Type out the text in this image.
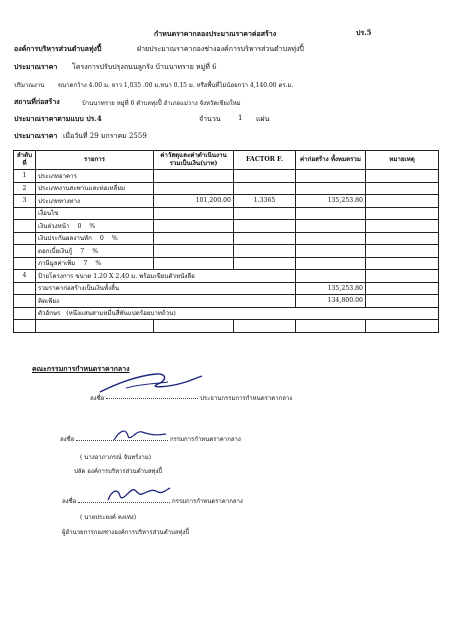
กำหนดราคากลองประมาณราคาค่อสร้าง	ปร.5
องค์การบริหารส่วนตำบลทุ่งปี้	ฝ่ายประมาณราคากองช่างองค์การบริหารส่วนตำบลทุ่งปี้
ประมาณราคา โครงการปรับปรุงถนนลูกรัง บ้านนาทราย หมู่ที่ 6
ปริมาณงาน ขนาดกว้าง 4.00 ม. ยาว 1,035 .00 ม.หนา 0.15 ม. หรือพื้นที่ไม่น้อยกว่า 4,140.00 ตร.ม.
สถานที่ก่อสร้าง	บ้านนาทราย หมู่ที่ 6 ตำบลทุ่งปี้ อำเภอแม่วาง จังหวัดเชียงใหม่
ประมาณราคาตามแบบ ปร.4	จำนวน 1 แผ่น
ประมาณราคา เมื่อวันที่ 29 มกราคม 2559
ลำดับที่	รายการ	ค่าวัสดุและค่าดำเนินงาน รวมเป็นเงิน(บาท)	FACTOR F.	ค่าก่อสร้าง ทั้งหมดรวม	หมายเหตุ
1	ประเภทอาคาร				
2	ประเภทงานสะพานและท่อเหลี่ยม				
3	ประเภททางทาง	101,200.00	1.3365	135,253.80	
	เงื่อนไข				
	เงินล่วงหน้า 0 %				
	เงินประกันผลงานหัก 0 %				
	ดอกเบี้ยเงินกู้ 7 %				
	ภาษีมูลค่าเพิ่ม 7 %				
4	ป้ายโครงการ ขนาด 1.20 X 2.40 ม. พร้อมเขียนตัวหนังสือ				
	รวมราคาก่อสร้างเป็นเงินทั้งสิ้น			135,253.80	
	คิดเพียง			134,800.00	
	ตัวอักษร (หนึ่งแสนสามหมื่นสี่พันแปดร้อยบาทถ้วน)				

คณะกรรมการกำหนดราคากลาง
ลงชื่อ	ประธานกรรมการกำหนดราคากลาง
ลงชื่อ	กรรมการกำหนดราคากลาง
( นางอาภาภรณ์ จันทร์งาม)
ปลัด องค์การบริหารส่วนตำบลทุ่งปี้
ลงชื่อ	กรรมการกำหนดราคากลาง
( นายประยงค์ คงเท่ง)
ผู้อำนวยการกองช่างองค์การบริหารส่วนตำบลทุ่งปี้
